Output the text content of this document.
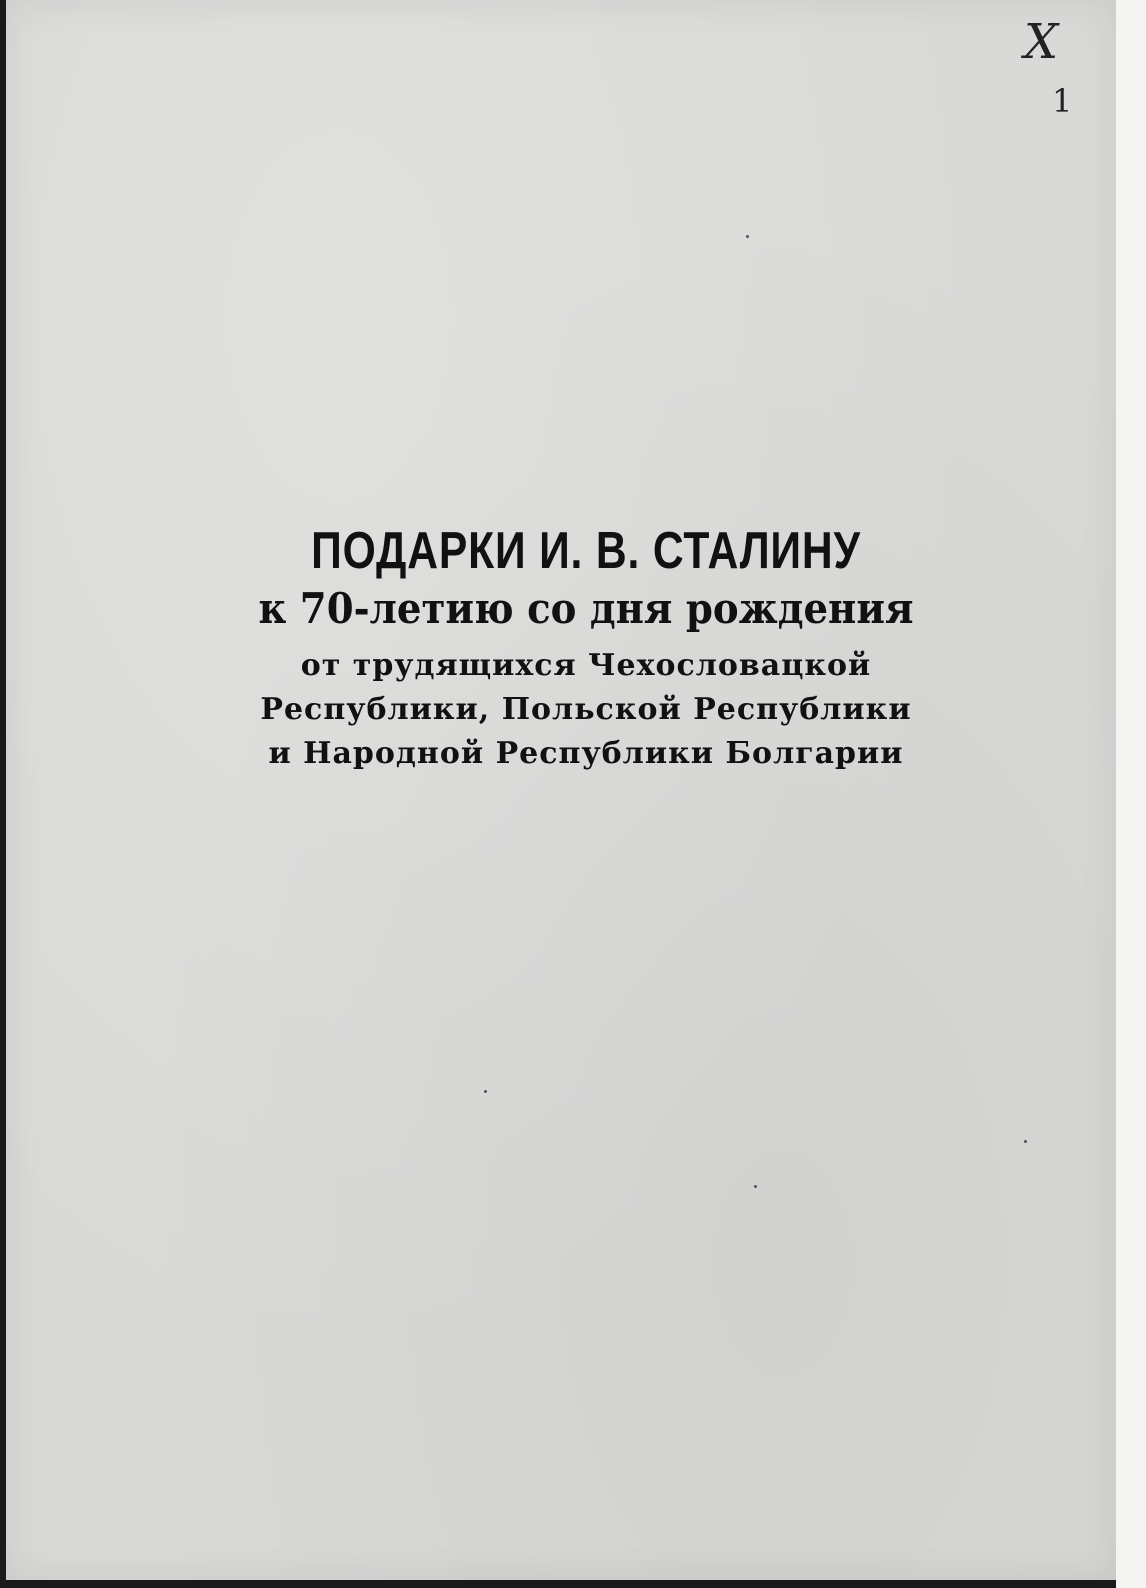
ПОДАРКИ И. В. СТАЛИНУ
к 70-летию со дня рождения
от трудящихся Чехословацкой
Республики, Польской Республики
и Народной Республики Болгарии
X
1
